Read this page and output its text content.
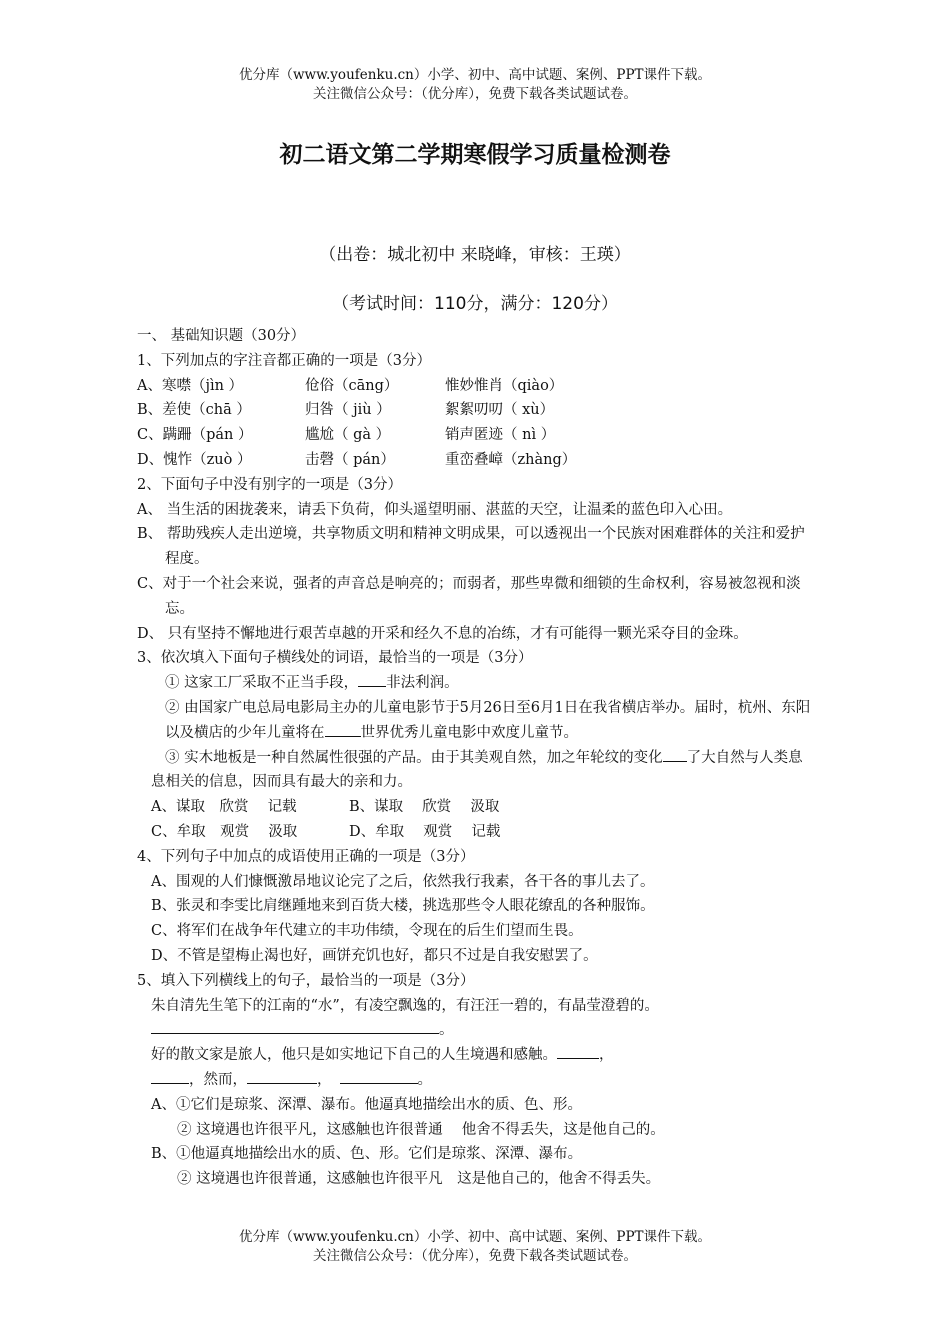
优分库（www.youfenku.cn）小学、初中、高中试题、案例、PPT课件下载。
关注微信公众号：（优分库），免费下载各类试题试卷。
初二语文第二学期寒假学习质量检测卷
（出卷：城北初中 来晓峰，审核：王瑛）
（考试时间：110分，满分：120分）
一、 基础知识题（30分）
1、下列加点的字注音都正确的一项是（3分）
A、寒噤（jìn ）	伧俗（cāng）	惟妙惟肖（qiào）
B、差使（chā ）	归咎（ jiù ）	絮絮叨叨（ xù）
C、蹒跚（pán ）	尴尬（ gà ）	销声匿迹（ nì ）
D、愧怍（zuò ）	击磬（ pán）	重峦叠嶂（zhàng）
2、下面句子中没有别字的一项是（3分）
A、 当生活的困拢袭来，请丢下负荷，仰头遥望明丽、湛蓝的天空，让温柔的蓝色印入心田。
B、 帮助残疾人走出逆境，共享物质文明和精神文明成果，可以透视出一个民族对困难群体的关注和爱护程度。
C、对于一个社会来说，强者的声音总是响亮的；而弱者，那些卑微和细锁的生命权利，容易被忽视和淡忘。
D、 只有坚持不懈地进行艰苦卓越的开采和经久不息的冶练，才有可能得一颗光采夺目的金珠。
3、依次填入下面句子横线处的词语，最恰当的一项是（3分）
① 这家工厂采取不正当手段， 非法利润。
② 由国家广电总局电影局主办的儿童电影节于5月26日至6月1日在我省横店举办。届时，杭州、东阳以及横店的少年儿童将在 世界优秀儿童电影中欢度儿童节。
③ 实木地板是一种自然属性很强的产品。由于其美观自然，加之年轮纹的变化 了大自然与人类息息相关的信息，因而具有最大的亲和力。
A、谋取　欣赏　 记载	B、谋取　 欣赏　 汲取
C、牟取　观赏　 汲取	D、牟取　 观赏　 记载
4、下列句子中加点的成语使用正确的一项是（3分）
A、围观的人们慷慨激昂地议论完了之后，依然我行我素，各干各的事儿去了。
B、张灵和李雯比肩继踵地来到百货大楼，挑选那些令人眼花缭乱的各种服饰。
C、将军们在战争年代建立的丰功伟绩，令现在的后生们望而生畏。
D、不管是望梅止渴也好，画饼充饥也好，都只不过是自我安慰罢了。
5、填入下列横线上的句子，最恰当的一项是（3分）
朱自清先生笔下的江南的“水”，有凌空飘逸的，有汪汪一碧的，有晶莹澄碧的。
。
好的散文家是旅人，他只是如实地记下自己的人生境遇和感触。	，
，然而，	，	。
A、①它们是琼浆、深潭、瀑布。他逼真地描绘出水的质、色、形。
② 这境遇也许很平凡，这感触也许很普通　 他舍不得丢失，这是他自己的。
B、①他逼真地描绘出水的质、色、形。它们是琼浆、深潭、瀑布。
② 这境遇也许很普通，这感触也许很平凡　这是他自己的，他舍不得丢失。
优分库（www.youfenku.cn）小学、初中、高中试题、案例、PPT课件下载。
关注微信公众号：（优分库），免费下载各类试题试卷。
